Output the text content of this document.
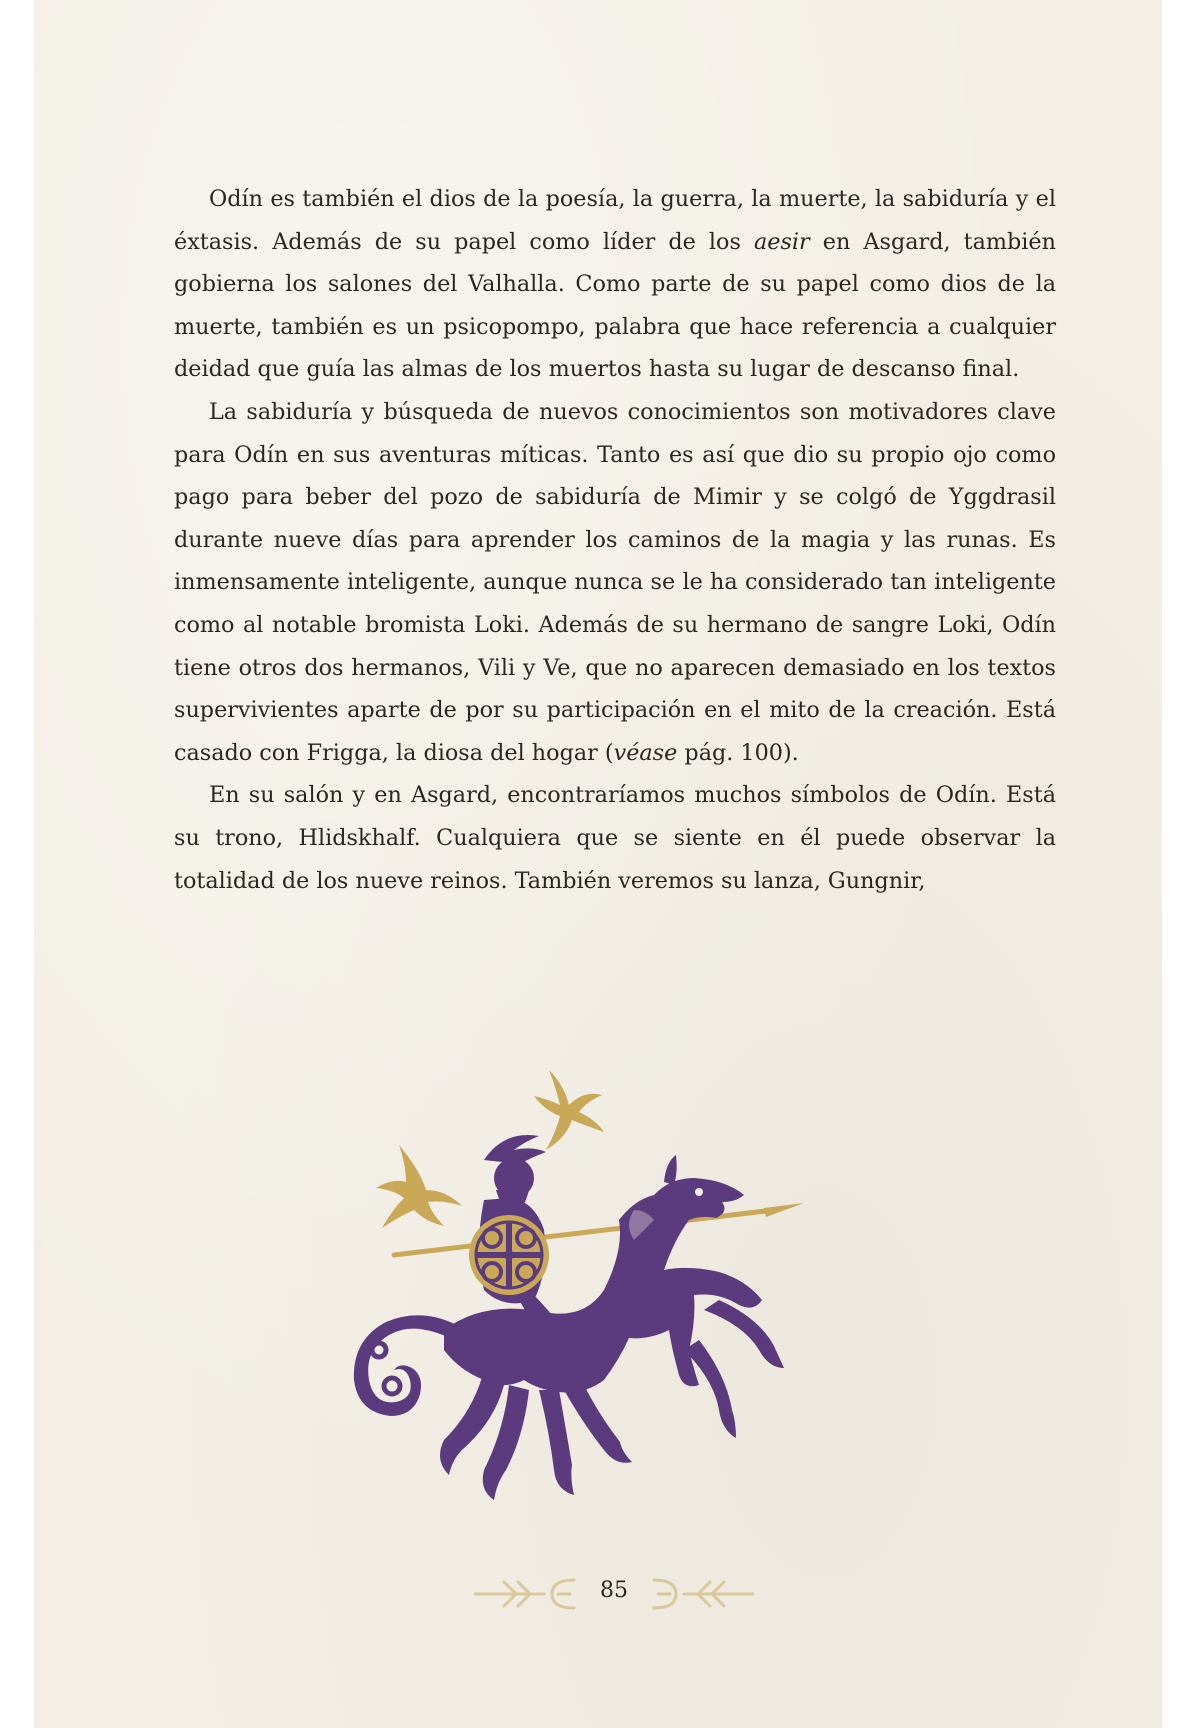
Odín es también el dios de la poesía, la guerra, la muerte, la sabiduría y el éxtasis. Además de su papel como líder de los aesir en Asgard, también gobierna los salones del Valhalla. Como parte de su papel como dios de la muerte, también es un psicopompo, palabra que hace referencia a cualquier deidad que guía las almas de los muertos hasta su lugar de descanso final.

La sabiduría y búsqueda de nuevos conocimientos son motivadores clave para Odín en sus aventuras míticas. Tanto es así que dio su propio ojo como pago para beber del pozo de sabiduría de Mimir y se colgó de Yggdrasil durante nueve días para aprender los caminos de la magia y las runas. Es inmensamente inteligente, aunque nunca se le ha considerado tan inteligente como al notable bromista Loki. Además de su hermano de sangre Loki, Odín tiene otros dos hermanos, Vili y Ve, que no aparecen demasiado en los textos supervivientes aparte de por su participación en el mito de la creación. Está casado con Frigga, la diosa del hogar (véase pág. 100).

En su salón y en Asgard, encontraríamos muchos símbolos de Odín. Está su trono, Hlidskhalf. Cualquiera que se siente en él puede observar la totalidad de los nueve reinos. También veremos su lanza, Gungnir,

85
